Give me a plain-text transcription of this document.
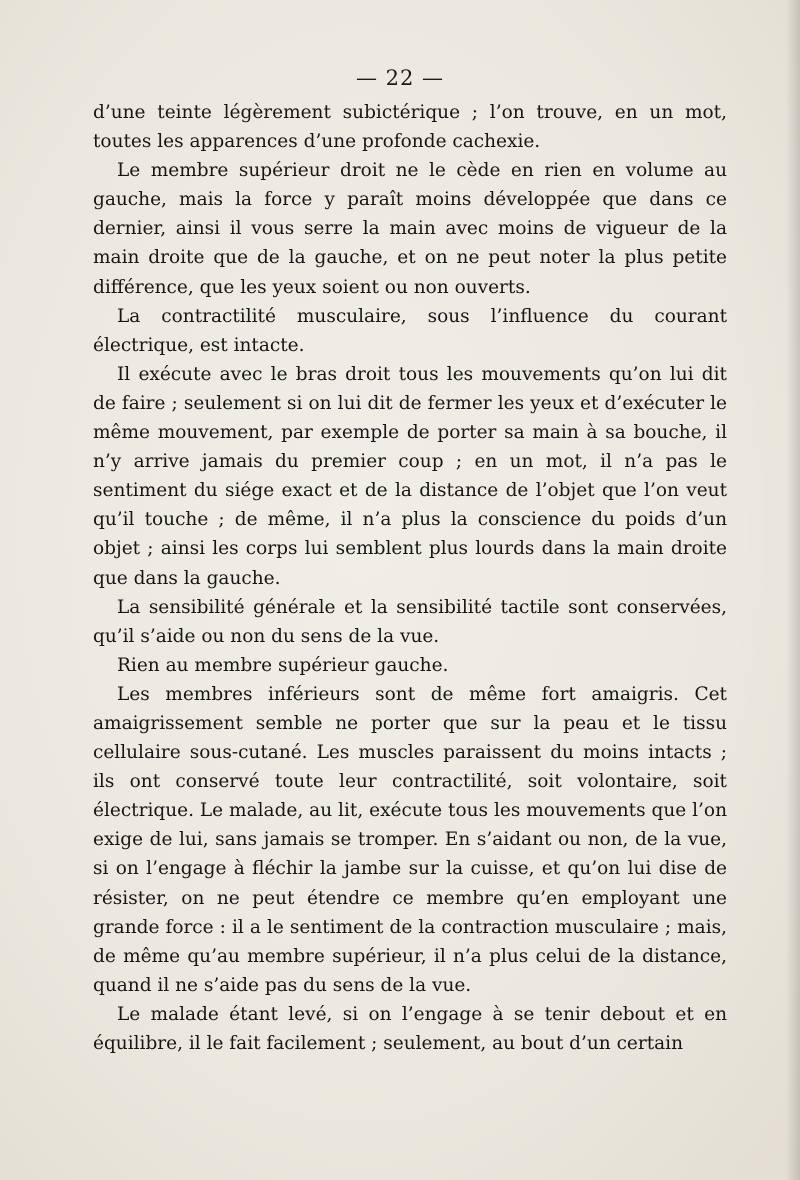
— 22 —

d’une teinte légèrement subictérique ; l’on trouve, en un mot, toutes les apparences d’une profonde cachexie.

Le membre supérieur droit ne le cède en rien en volume au gauche, mais la force y paraît moins développée que dans ce dernier, ainsi il vous serre la main avec moins de vigueur de la main droite que de la gauche, et on ne peut noter la plus petite différence, que les yeux soient ou non ouverts.

La contractilité musculaire, sous l’influence du courant électrique, est intacte.

Il exécute avec le bras droit tous les mouvements qu’on lui dit de faire ; seulement si on lui dit de fermer les yeux et d’exécuter le même mouvement, par exemple de porter sa main à sa bouche, il n’y arrive jamais du premier coup ; en un mot, il n’a pas le sentiment du siége exact et de la distance de l’objet que l’on veut qu’il touche ; de même, il n’a plus la conscience du poids d’un objet ; ainsi les corps lui semblent plus lourds dans la main droite que dans la gauche.

La sensibilité générale et la sensibilité tactile sont conservées, qu’il s’aide ou non du sens de la vue.

Rien au membre supérieur gauche.

Les membres inférieurs sont de même fort amaigris. Cet amaigrissement semble ne porter que sur la peau et le tissu cellulaire sous-cutané. Les muscles paraissent du moins intacts ; ils ont conservé toute leur contractilité, soit volontaire, soit électrique. Le malade, au lit, exécute tous les mouvements que l’on exige de lui, sans jamais se tromper. En s’aidant ou non, de la vue, si on l’engage à fléchir la jambe sur la cuisse, et qu’on lui dise de résister, on ne peut étendre ce membre qu’en employant une grande force : il a le sentiment de la contraction musculaire ; mais, de même qu’au membre supérieur, il n’a plus celui de la distance, quand il ne s’aide pas du sens de la vue.

Le malade étant levé, si on l’engage à se tenir debout et en équilibre, il le fait facilement ; seulement, au bout d’un certain
